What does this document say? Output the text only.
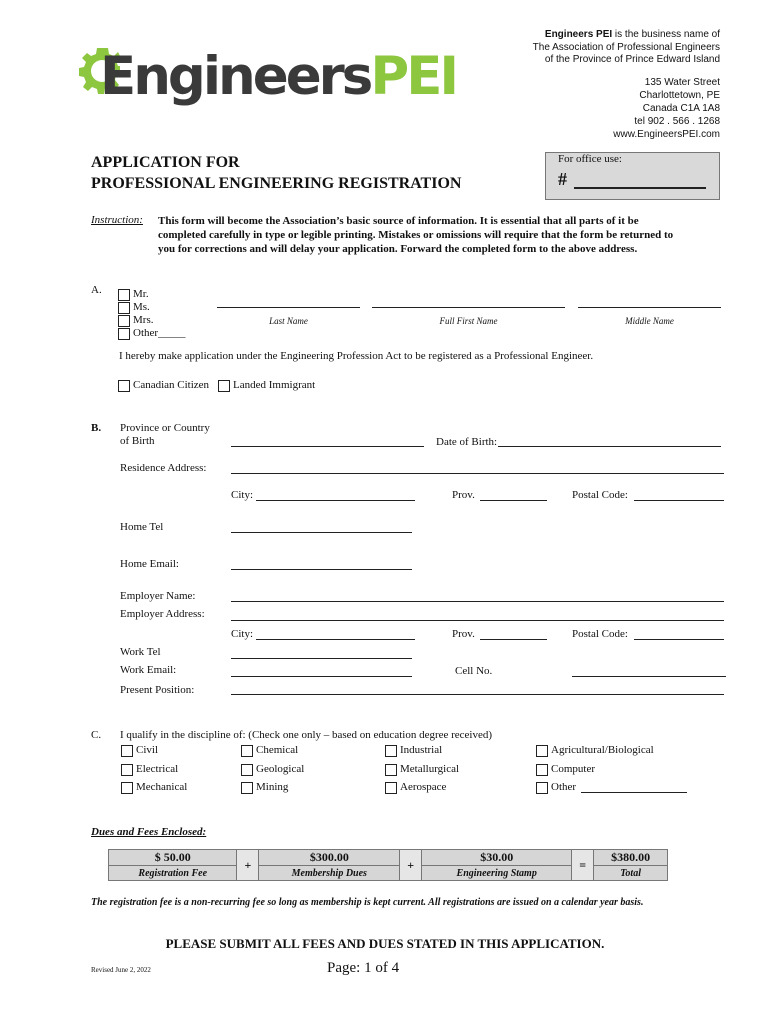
EngineersPEI
Engineers PEI is the business name of
The Association of Professional Engineers
of the Province of Prince Edward Island
135 Water Street
Charlottetown, PE
Canada C1A 1A8
tel 902 . 566 . 1268
www.EngineersPEI.com
APPLICATION FOR
PROFESSIONAL ENGINEERING REGISTRATION
For office use:
#
Instruction: This form will become the Association’s basic source of information. It is essential that all parts of it be completed carefully in type or legible printing. Mistakes or omissions will require that the form be returned to you for corrections and will delay your application. Forward the completed form to the above address.
A.	Mr.
Ms.
Mrs.
Other_____
Last Name	Full First Name	Middle Name
I hereby make application under the Engineering Profession Act to be registered as a Professional Engineer.
Canadian Citizen Landed Immigrant
B. Province or Country
of Birth	Date of Birth:
Residence Address:
City:	Prov.	Postal Code:
Home Tel
Home Email:
Employer Name:
Employer Address:
City:	Prov.	Postal Code:
Work Tel
Work Email:	Cell No.
Present Position:
C. I qualify in the discipline of: (Check one only – based on education degree received)
Civil	Chemical	Industrial	Agricultural/Biological
Electrical	Geological	Metallurgical	Computer
Mechanical	Mining	Aerospace	Other
Dues and Fees Enclosed:
$ 50.00	+	$300.00	+	$30.00	=	$380.00
Registration Fee		Membership Dues		Engineering Stamp		Total
The registration fee is a non-recurring fee so long as membership is kept current. All registrations are issued on a calendar year basis.
PLEASE SUBMIT ALL FEES AND DUES STATED IN THIS APPLICATION.
Revised June 2, 2022	Page: 1 of 4
